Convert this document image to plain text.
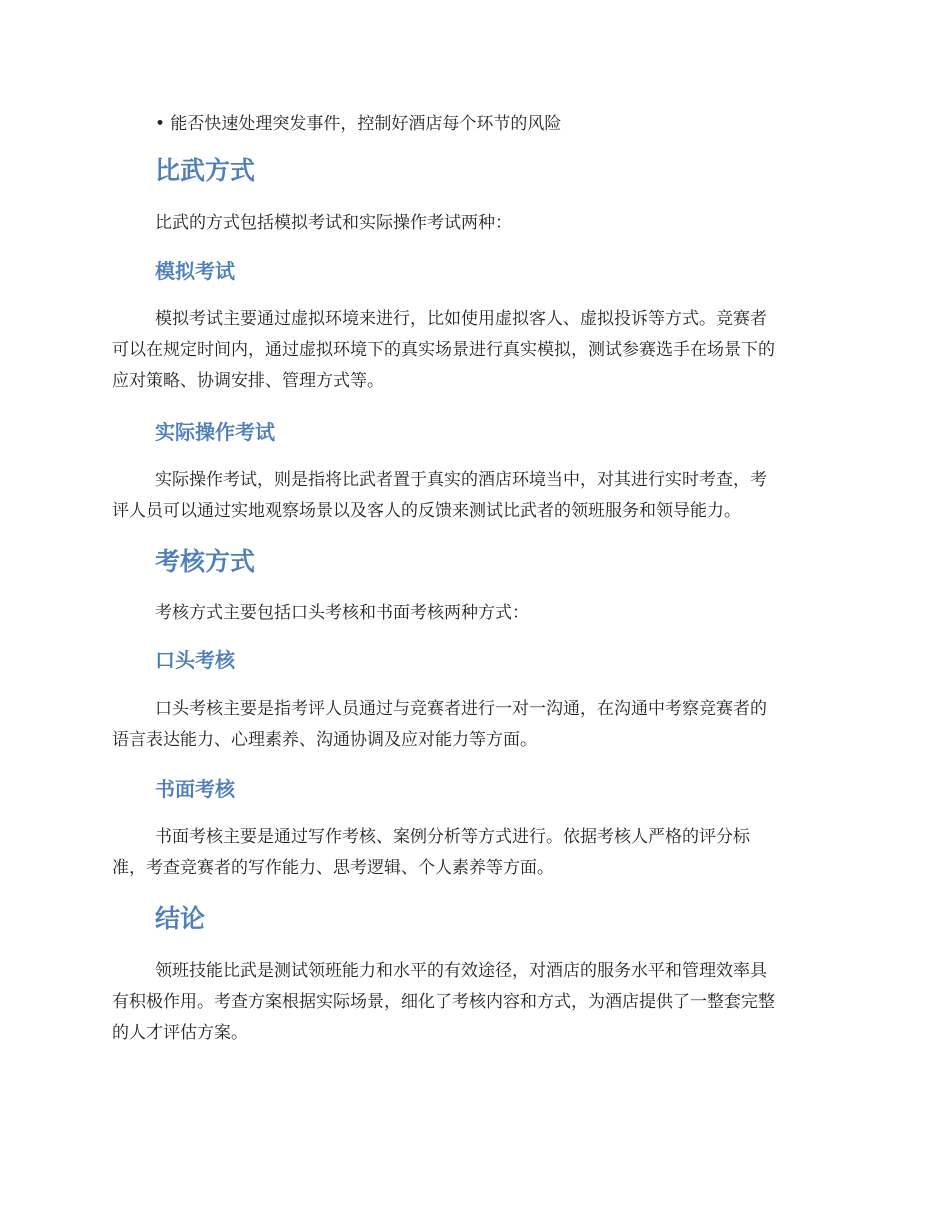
• 能否快速处理突发事件，控制好酒店每个环节的风险

比武方式

比武的方式包括模拟考试和实际操作考试两种：

模拟考试
模拟考试主要通过虚拟环境来进行，比如使用虚拟客人、虚拟投诉等方式。竞赛者
可以在规定时间内，通过虚拟环境下的真实场景进行真实模拟，测试参赛选手在场景下的
应对策略、协调安排、管理方式等。
实际操作考试
实际操作考试，则是指将比武者置于真实的酒店环境当中，对其进行实时考查，考
评人员可以通过实地观察场景以及客人的反馈来测试比武者的领班服务和领导能力。
考核方式

考核方式主要包括口头考核和书面考核两种方式：

口头考核
口头考核主要是指考评人员通过与竞赛者进行一对一沟通，在沟通中考察竞赛者的
语言表达能力、心理素养、沟通协调及应对能力等方面。
书面考核
书面考核主要是通过写作考核、案例分析等方式进行。依据考核人严格的评分标
准，考查竞赛者的写作能力、思考逻辑、个人素养等方面。
结论
领班技能比武是测试领班能力和水平的有效途径，对酒店的服务水平和管理效率具
有积极作用。考查方案根据实际场景，细化了考核内容和方式，为酒店提供了一整套完整
的人才评估方案。
